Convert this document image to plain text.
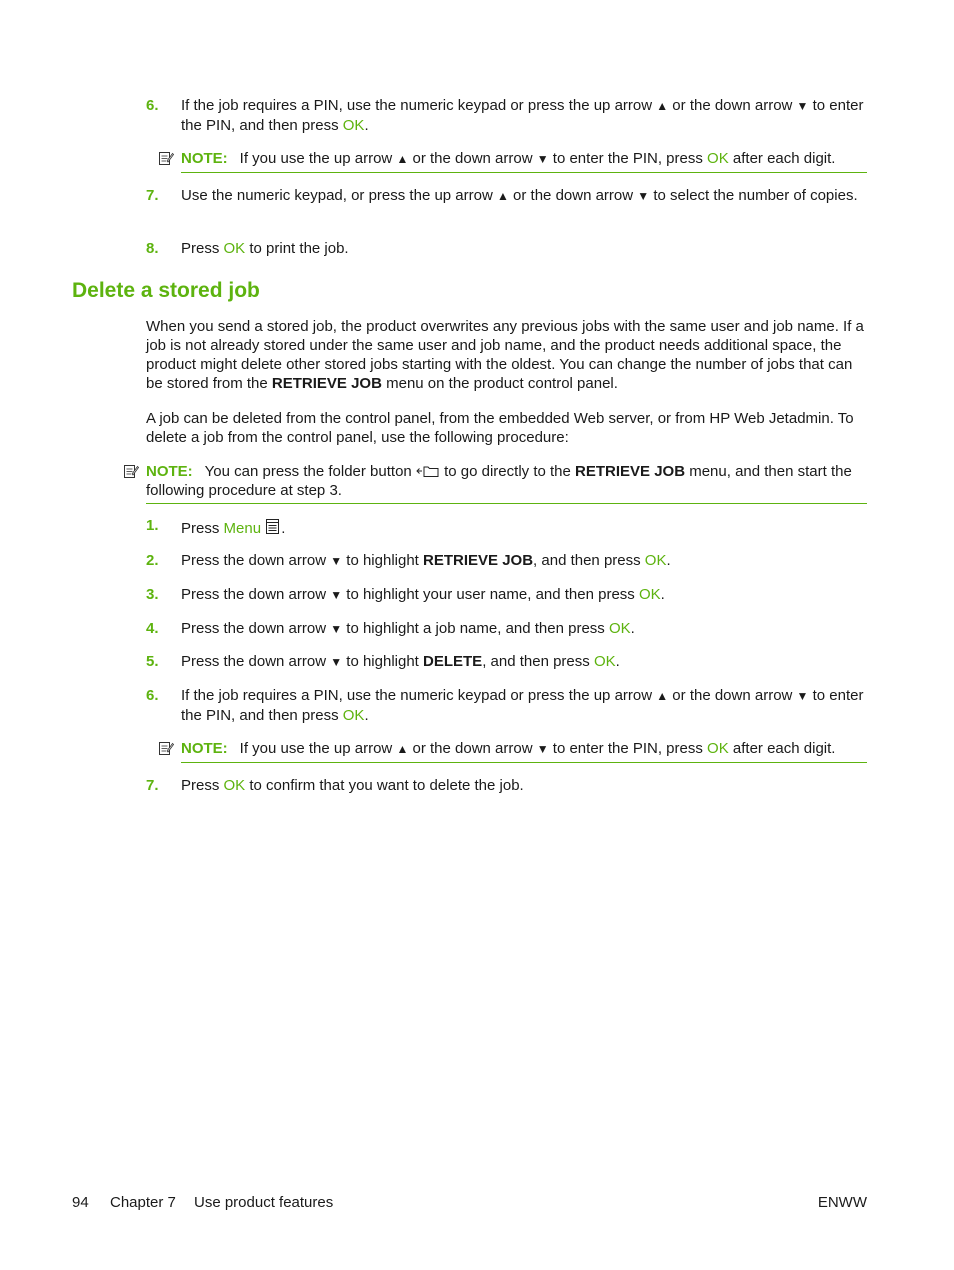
6. If the job requires a PIN, use the numeric keypad or press the up arrow ▲ or the down arrow ▼ to enter the PIN, and then press OK.
NOTE: If you use the up arrow ▲ or the down arrow ▼ to enter the PIN, press OK after each digit.
7. Use the numeric keypad, or press the up arrow ▲ or the down arrow ▼ to select the number of copies.
8. Press OK to print the job.
Delete a stored job
When you send a stored job, the product overwrites any previous jobs with the same user and job name. If a job is not already stored under the same user and job name, and the product needs additional space, the product might delete other stored jobs starting with the oldest. You can change the number of jobs that can be stored from the RETRIEVE JOB menu on the product control panel.
A job can be deleted from the control panel, from the embedded Web server, or from HP Web Jetadmin. To delete a job from the control panel, use the following procedure:
NOTE: You can press the folder button  to go directly to the RETRIEVE JOB menu, and then start the following procedure at step 3.
1. Press Menu .
2. Press the down arrow ▼ to highlight RETRIEVE JOB, and then press OK.
3. Press the down arrow ▼ to highlight your user name, and then press OK.
4. Press the down arrow ▼ to highlight a job name, and then press OK.
5. Press the down arrow ▼ to highlight DELETE, and then press OK.
6. If the job requires a PIN, use the numeric keypad or press the up arrow ▲ or the down arrow ▼ to enter the PIN, and then press OK.
NOTE: If you use the up arrow ▲ or the down arrow ▼ to enter the PIN, press OK after each digit.
7. Press OK to confirm that you want to delete the job.
94 Chapter 7 Use product features	ENWW
